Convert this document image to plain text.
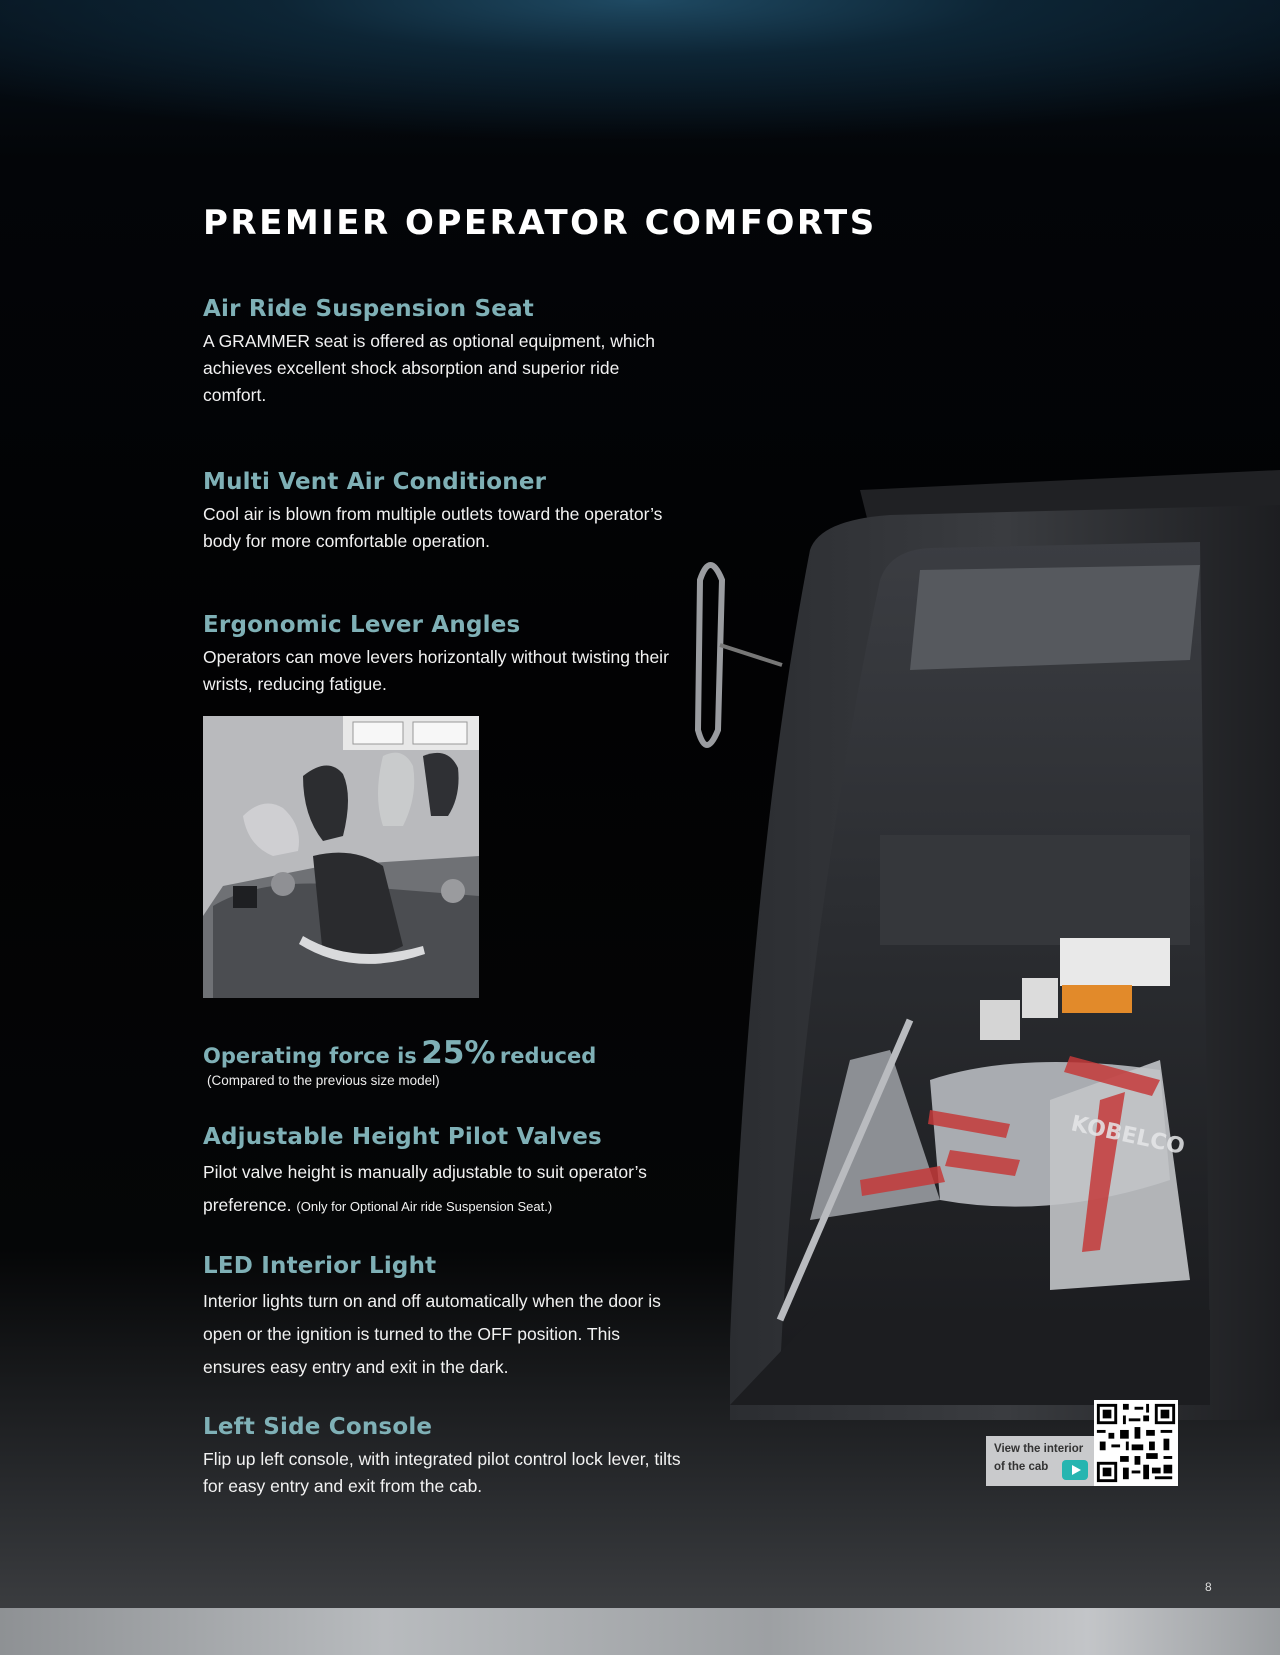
PREMIER OPERATOR COMFORTS
Air Ride Suspension Seat

A GRAMMER seat is offered as optional equipment, which achieves excellent shock absorption and superior ride comfort.

Multi Vent Air Conditioner

Cool air is blown from multiple outlets toward the operator’s body for more comfortable operation.

Ergonomic Lever Angles

Operators can move levers horizontally without twisting their wrists, reducing fatigue.

Operating force is 25% reduced
(Compared to the previous size model)
Adjustable Height Pilot Valves

Pilot valve height is manually adjustable to suit operator’s preference. (Only for Optional Air ride Suspension Seat.)

LED Interior Light

Interior lights turn on and off automatically when the door is open or the ignition is turned to the OFF position. This ensures easy entry and exit in the dark.

Left Side Console

Flip up left console, with integrated pilot control lock lever, tilts for easy entry and exit from the cab.

KOBELCO
View the interior
of the cab
8
